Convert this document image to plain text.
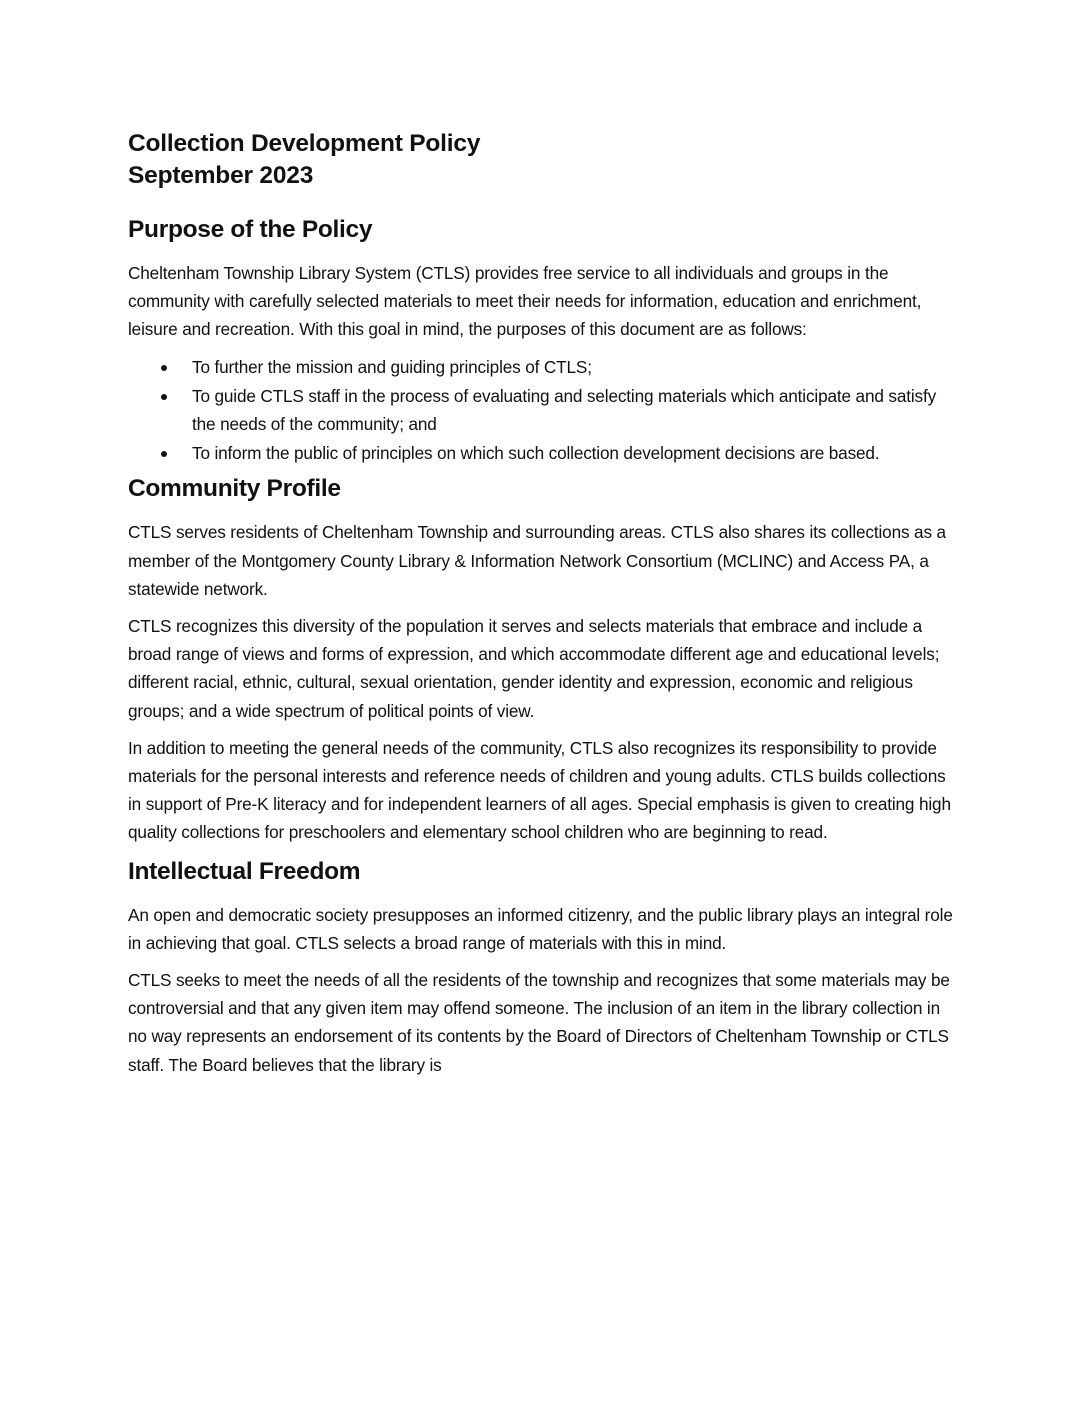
Collection Development Policy

September 2023

Purpose of the Policy

Cheltenham Township Library System (CTLS) provides free service to all individuals and groups in the community with carefully selected materials to meet their needs for information, education and enrichment, leisure and recreation. With this goal in mind, the purposes of this document are as follows:

To further the mission and guiding principles of CTLS;
To guide CTLS staff in the process of evaluating and selecting materials which anticipate and satisfy the needs of the community; and
To inform the public of principles on which such collection development decisions are based.
Community Profile

CTLS serves residents of Cheltenham Township and surrounding areas. CTLS also shares its collections as a member of the Montgomery County Library & Information Network Consortium (MCLINC) and Access PA, a statewide network.

CTLS recognizes this diversity of the population it serves and selects materials that embrace and include a broad range of views and forms of expression, and which accommodate different age and educational levels; different racial, ethnic, cultural, sexual orientation, gender identity and expression, economic and religious groups; and a wide spectrum of political points of view.

In addition to meeting the general needs of the community, CTLS also recognizes its responsibility to provide materials for the personal interests and reference needs of children and young adults. CTLS builds collections in support of Pre-K literacy and for independent learners of all ages. Special emphasis is given to creating high quality collections for preschoolers and elementary school children who are beginning to read.

Intellectual Freedom

An open and democratic society presupposes an informed citizenry, and the public library plays an integral role in achieving that goal. CTLS selects a broad range of materials with this in mind.

CTLS seeks to meet the needs of all the residents of the township and recognizes that some materials may be controversial and that any given item may offend someone. The inclusion of an item in the library collection in no way represents an endorsement of its contents by the Board of Directors of Cheltenham Township or CTLS staff. The Board believes that the library is
